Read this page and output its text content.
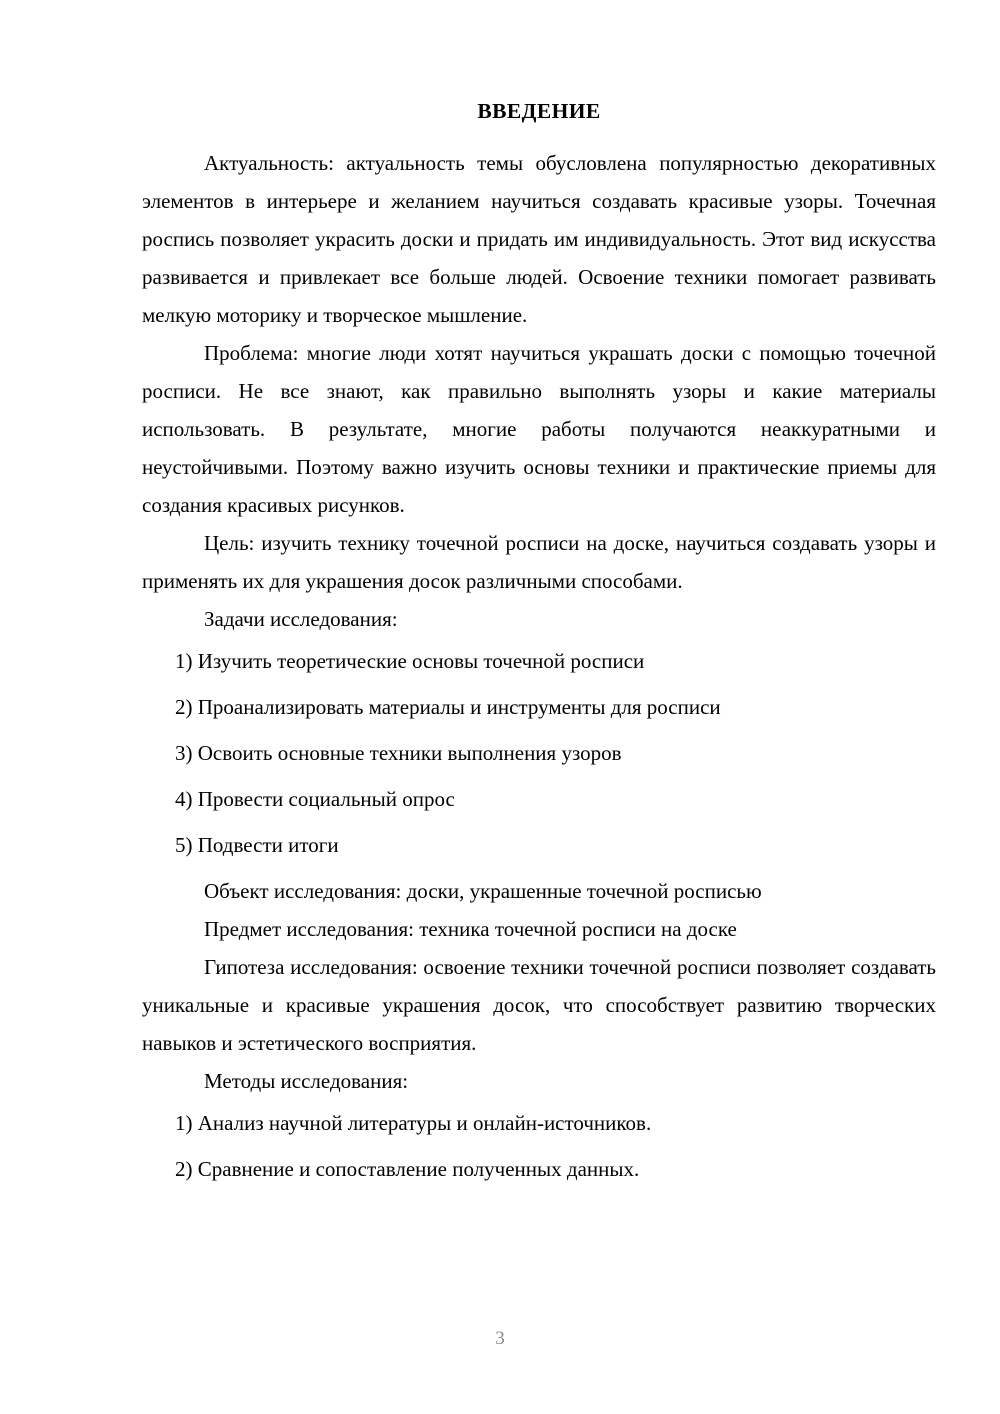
ВВЕДЕНИЕ

Актуальность: актуальность темы обусловлена популярностью декоративных элементов в интерьере и желанием научиться создавать красивые узоры. Точечная роспись позволяет украсить доски и придать им индивидуальность. Этот вид искусства развивается и привлекает все больше людей. Освоение техники помогает развивать мелкую моторику и творческое мышление.

Проблема: многие люди хотят научиться украшать доски с помощью точечной росписи. Не все знают, как правильно выполнять узоры и какие материалы использовать. В результате, многие работы получаются неаккуратными и неустойчивыми. Поэтому важно изучить основы техники и практические приемы для создания красивых рисунков.

Цель: изучить технику точечной росписи на доске, научиться создавать узоры и применять их для украшения досок различными способами.

Задачи исследования:

1) Изучить теоретические основы точечной росписи
2) Проанализировать материалы и инструменты для росписи
3) Освоить основные техники выполнения узоров
4) Провести социальный опрос
5) Подвести итоги

Объект исследования: доски, украшенные точечной росписью

Предмет исследования: техника точечной росписи на доске

Гипотеза исследования: освоение техники точечной росписи позволяет создавать уникальные и красивые украшения досок, что способствует развитию творческих навыков и эстетического восприятия.

Методы исследования:

1) Анализ научной литературы и онлайн-источников.
2) Сравнение и сопоставление полученных данных.
3
